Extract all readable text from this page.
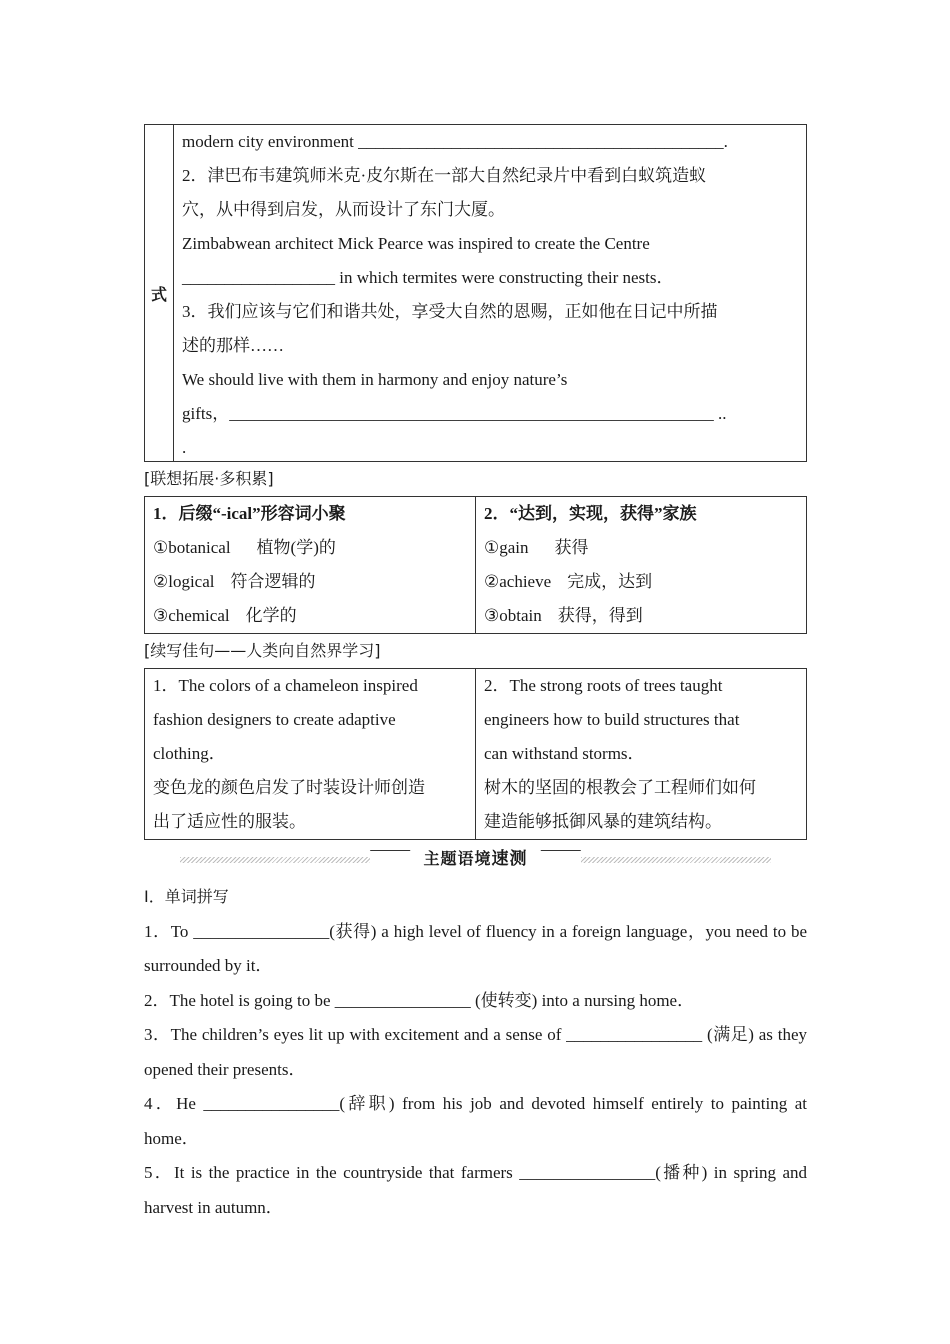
式

modern city environment ___________________________________________.

2．津巴布韦建筑师米克·皮尔斯在一部大自然纪录片中看到白蚁筑造蚁

穴，从中得到启发，从而设计了东门大厦。

Zimbabwean architect Mick Pearce was inspired to create the Centre

__________________ in which termites were constructing their nests．

3．我们应该与它们和谐共处，享受大自然的恩赐，正如他在日记中所描

述的那样……

We should live with them in harmony and enjoy nature’s

gifts，_________________________________________________________ ..

.

[联想拓展·多积累]

1．后缀“-ical”形容词小聚

①botanical 植物(学)的

②logical 符合逻辑的

③chemical 化学的

2．“达到，实现，获得”家族

①gain 获得

②achieve 完成，达到

③obtain 获得，得到

[续写佳句——人类向自然界学习]

1．The colors of a chameleon inspired

fashion designers to create adaptive

clothing．

变色龙的颜色启发了时装设计师创造

出了适应性的服装。

2．The strong roots of trees taught

engineers how to build structures that

can withstand storms．

树木的坚固的根教会了工程师们如何

建造能够抵御风暴的建筑结构。

主题语境速测

Ⅰ．单词拼写

1．To ________________(获得) a high level of fluency in a foreign language，you need to be surrounded by it．

2．The hotel is going to be ________________ (使转变) into a nursing home．

3．The children’s eyes lit up with excitement and a sense of ________________ (满足) as they opened their presents．

4．He ________________(辞职) from his job and devoted himself entirely to painting at home．

5．It is the practice in the countryside that farmers ________________(播种) in spring and harvest in autumn．
